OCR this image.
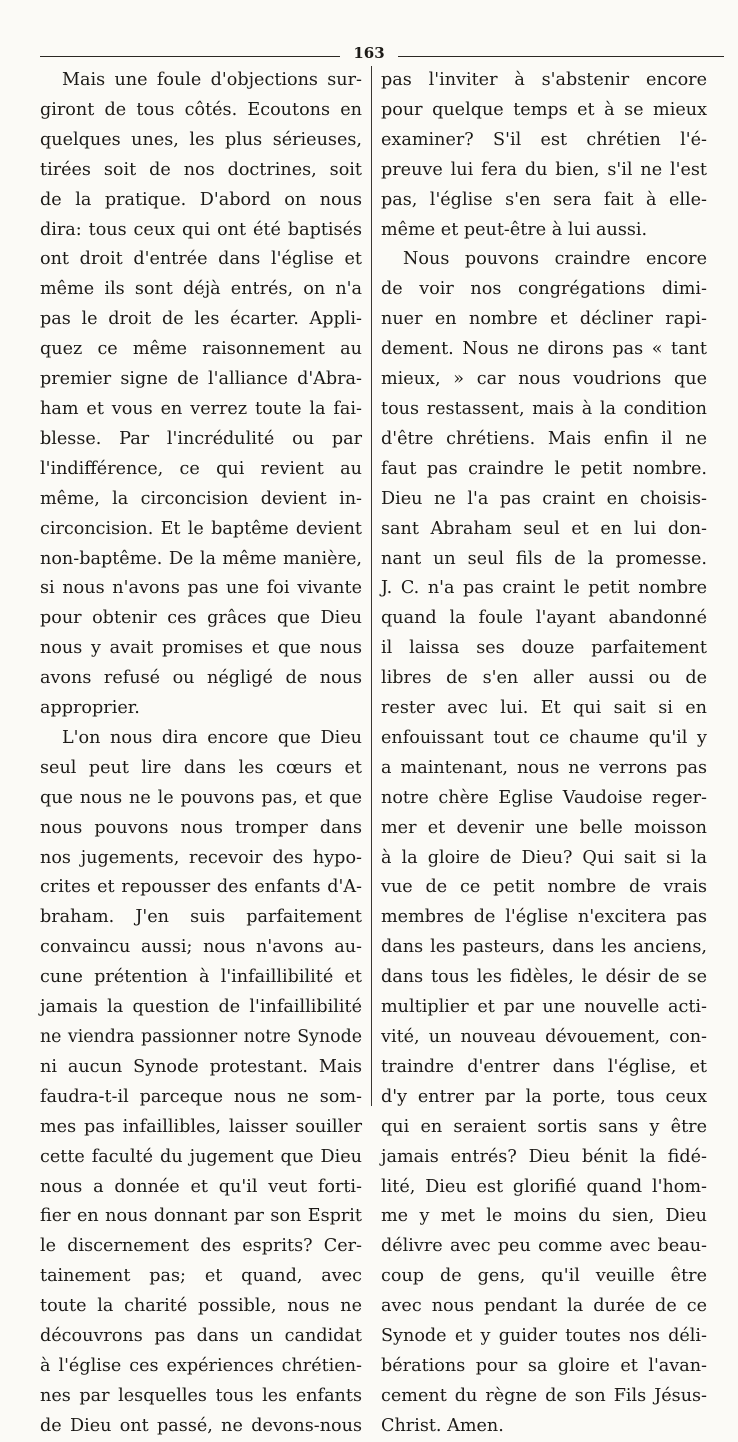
163
Mais une foule d'objections sur-
giront de tous côtés. Ecoutons en
quelques unes, les plus sérieuses,
tirées soit de nos doctrines, soit
de la pratique. D'abord on nous
dira: tous ceux qui ont été baptisés
ont droit d'entrée dans l'église et
même ils sont déjà entrés, on n'a
pas le droit de les écarter. Appli-
quez ce même raisonnement au
premier signe de l'alliance d'Abra-
ham et vous en verrez toute la fai-
blesse. Par l'incrédulité ou par
l'indifférence, ce qui revient au
même, la circoncision devient in-
circoncision. Et le baptême devient
non-baptême. De la même manière,
si nous n'avons pas une foi vivante
pour obtenir ces grâces que Dieu
nous y avait promises et que nous
avons refusé ou négligé de nous
approprier.
L'on nous dira encore que Dieu
seul peut lire dans les cœurs et
que nous ne le pouvons pas, et que
nous pouvons nous tromper dans
nos jugements, recevoir des hypo-
crites et repousser des enfants d'A-
braham. J'en suis parfaitement
convaincu aussi; nous n'avons au-
cune prétention à l'infaillibilité et
jamais la question de l'infaillibilité
ne viendra passionner notre Synode
ni aucun Synode protestant. Mais
faudra-t-il parceque nous ne som-
mes pas infaillibles, laisser souiller
cette faculté du jugement que Dieu
nous a donnée et qu'il veut forti-
fier en nous donnant par son Esprit
le discernement des esprits? Cer-
tainement pas; et quand, avec
toute la charité possible, nous ne
découvrons pas dans un candidat
à l'église ces expériences chrétien-
nes par lesquelles tous les enfants
de Dieu ont passé, ne devons-nous
pas l'inviter à s'abstenir encore
pour quelque temps et à se mieux
examiner? S'il est chrétien l'é-
preuve lui fera du bien, s'il ne l'est
pas, l'église s'en sera fait à elle-
même et peut-être à lui aussi.
Nous pouvons craindre encore
de voir nos congrégations dimi-
nuer en nombre et décliner rapi-
dement. Nous ne dirons pas « tant
mieux, » car nous voudrions que
tous restassent, mais à la condition
d'être chrétiens. Mais enfin il ne
faut pas craindre le petit nombre.
Dieu ne l'a pas craint en choisis-
sant Abraham seul et en lui don-
nant un seul fils de la promesse.
J. C. n'a pas craint le petit nombre
quand la foule l'ayant abandonné
il laissa ses douze parfaitement
libres de s'en aller aussi ou de
rester avec lui. Et qui sait si en
enfouissant tout ce chaume qu'il y
a maintenant, nous ne verrons pas
notre chère Eglise Vaudoise reger-
mer et devenir une belle moisson
à la gloire de Dieu? Qui sait si la
vue de ce petit nombre de vrais
membres de l'église n'excitera pas
dans les pasteurs, dans les anciens,
dans tous les fidèles, le désir de se
multiplier et par une nouvelle acti-
vité, un nouveau dévouement, con-
traindre d'entrer dans l'église, et
d'y entrer par la porte, tous ceux
qui en seraient sortis sans y être
jamais entrés? Dieu bénit la fidé-
lité, Dieu est glorifié quand l'hom-
me y met le moins du sien, Dieu
délivre avec peu comme avec beau-
coup de gens, qu'il veuille être
avec nous pendant la durée de ce
Synode et y guider toutes nos déli-
bérations pour sa gloire et l'avan-
cement du règne de son Fils Jésus-
Christ. Amen.
